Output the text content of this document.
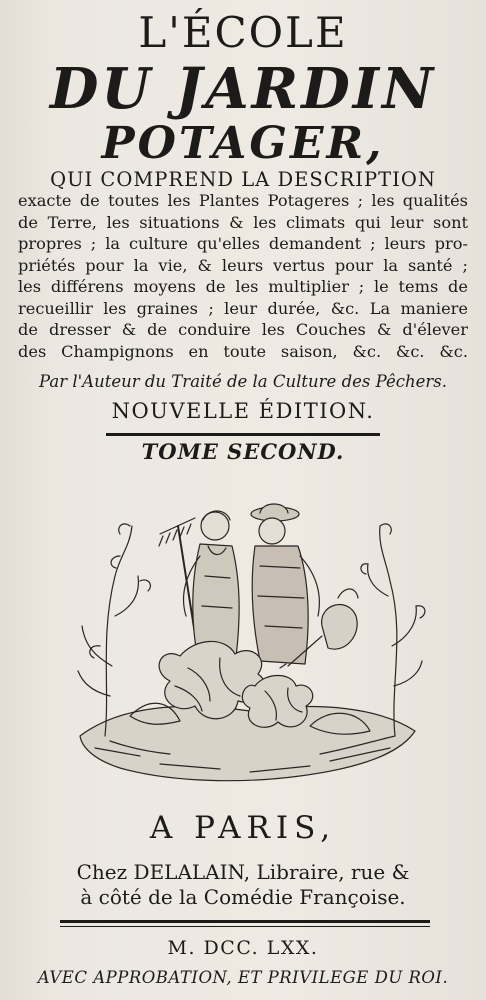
L'ÉCOLE
DU JARDIN
POTAGER,
QUI COMPREND LA DESCRIPTION
exacte de toutes les Plantes Potageres ; les qualités
de Terre, les situations & les climats qui leur sont
propres ; la culture qu'elles demandent ; leurs pro-
priétés pour la vie, & leurs vertus pour la santé ;
les différens moyens de les multiplier ; le tems de
recueillir les graines ; leur durée, &c. La maniere
de dresser & de conduire les Couches & d'élever
des Champignons en toute saison, &c. &c. &c.
Par l'Auteur du Traité de la Culture des Pêchers.
NOUVELLE ÉDITION.
TOME SECOND.
A PARIS,
Chez DELALAIN, Libraire, rue &
à côté de la Comédie Françoise.
M. DCC. LXX.
AVEC APPROBATION, ET PRIVILEGE DU ROI.
